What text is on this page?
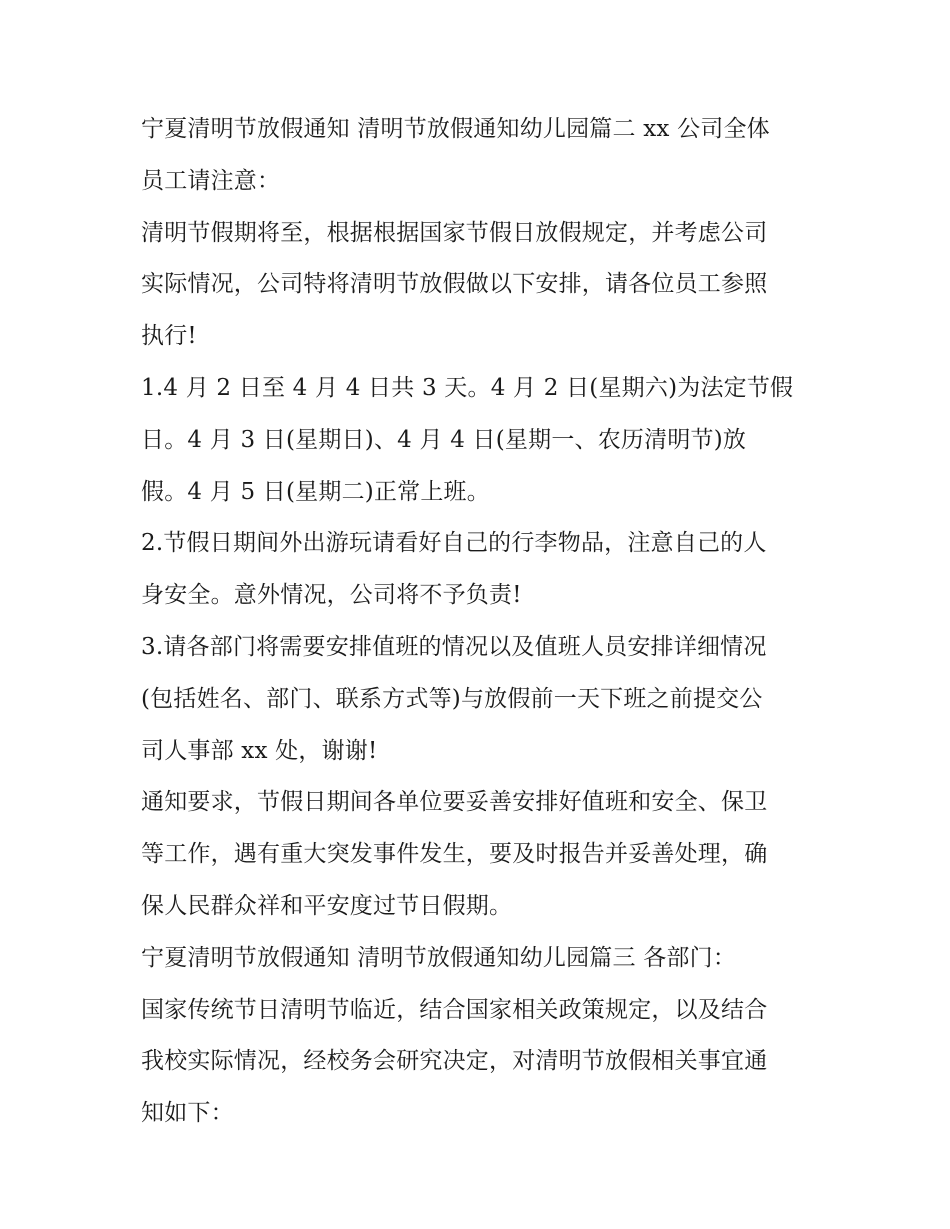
宁夏清明节放假通知 清明节放假通知幼儿园篇二 xx 公司全体
员工请注意：
清明节假期将至，根据根据国家节假日放假规定，并考虑公司
实际情况，公司特将清明节放假做以下安排，请各位员工参照
执行!
1.4 月 2 日至 4 月 4 日共 3 天。4 月 2 日(星期六)为法定节假
日。4 月 3 日(星期日)、4 月 4 日(星期一、农历清明节)放
假。4 月 5 日(星期二)正常上班。
2.节假日期间外出游玩请看好自己的行李物品，注意自己的人
身安全。意外情况，公司将不予负责!
3.请各部门将需要安排值班的情况以及值班人员安排详细情况
(包括姓名、部门、联系方式等)与放假前一天下班之前提交公
司人事部 xx 处，谢谢!
通知要求，节假日期间各单位要妥善安排好值班和安全、保卫
等工作，遇有重大突发事件发生，要及时报告并妥善处理，确
保人民群众祥和平安度过节日假期。
宁夏清明节放假通知 清明节放假通知幼儿园篇三 各部门：
国家传统节日清明节临近，结合国家相关政策规定，以及结合
我校实际情况，经校务会研究决定，对清明节放假相关事宜通
知如下：
